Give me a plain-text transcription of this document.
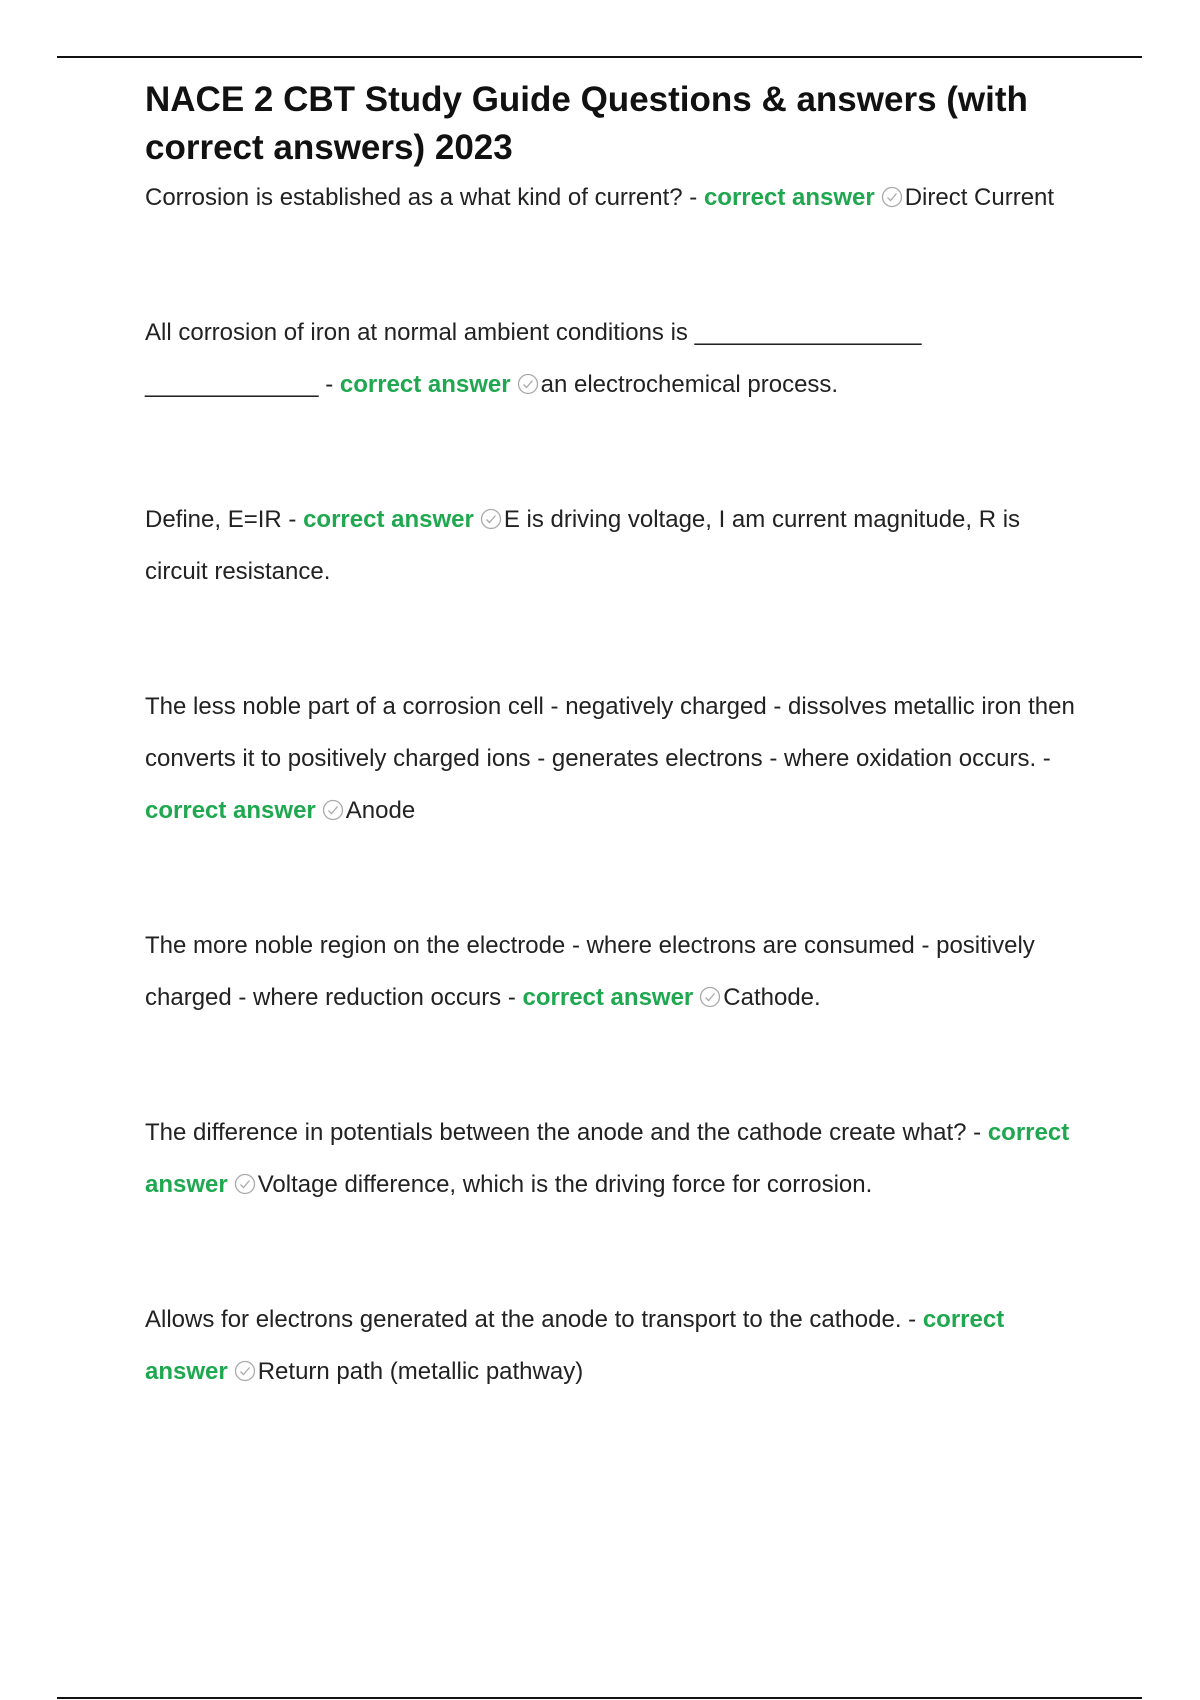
NACE 2 CBT Study Guide Questions & answers (with correct answers) 2023

Corrosion is established as a what kind of current? - correct answer Direct Current

All corrosion of iron at normal ambient conditions is _________________ _____________ - correct answer an electrochemical process.

Define, E=IR - correct answer E is driving voltage, I am current magnitude, R is circuit resistance.

The less noble part of a corrosion cell - negatively charged - dissolves metallic iron then converts it to positively charged ions - generates electrons - where oxidation occurs. - correct answer Anode

The more noble region on the electrode - where electrons are consumed - positively charged - where reduction occurs - correct answer Cathode.

The difference in potentials between the anode and the cathode create what? - correct answer Voltage difference, which is the driving force for corrosion.

Allows for electrons generated at the anode to transport to the cathode. - correct answer Return path (metallic pathway)
